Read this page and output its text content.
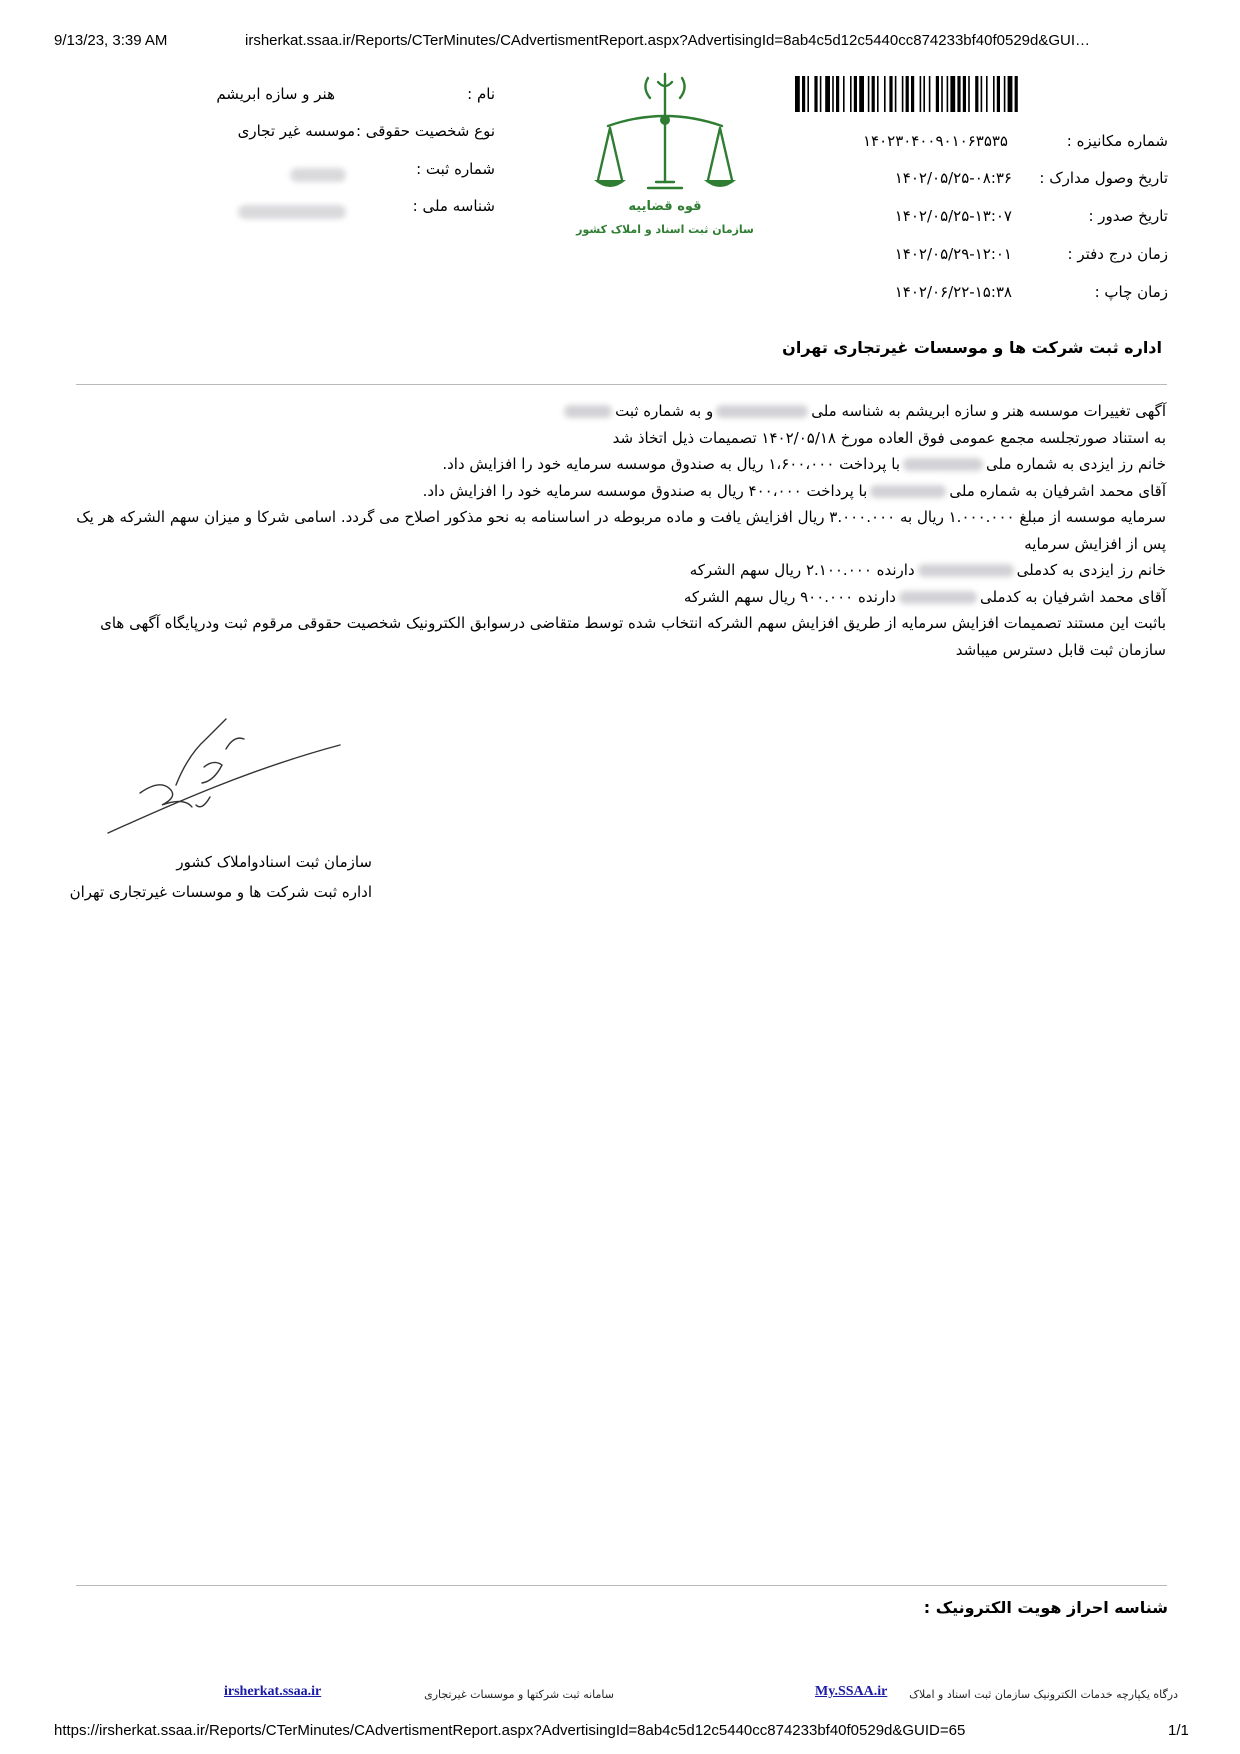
9/13/23, 3:39 AM	irsherkat.ssaa.ir/Reports/CTerMinutes/CAdvertismentReport.aspx?AdvertisingId=8ab4c5d12c5440cc874233bf40f0529d&GUI…
نام :
هنر و سازه ابریشم
نوع شخصیت حقوقی :
موسسه غیر تجاری
شماره ثبت :
شناسه ملی :	قوه قضاییه
سازمان ثبت اسناد و املاک کشور
شماره مکانیزه :
۱۴۰۲۳۰۴۰۰۹۰۱۰۶۳۵۳۵
تاریخ وصول مدارک :
۱۴۰۲/۰۵/۲۵-۰۸:۳۶
تاریخ صدور :
۱۴۰۲/۰۵/۲۵-۱۳:۰۷
زمان درج دفتر :
۱۴۰۲/۰۵/۲۹-۱۲:۰۱
زمان چاپ :
۱۴۰۲/۰۶/۲۲-۱۵:۳۸
اداره ثبت شرکت ها و موسسات غیرتجاری تهران

آگهی تغییرات موسسه هنر و سازه ابریشم به شناسه ملیو به شماره ثبت

به استناد صورتجلسه مجمع عمومی فوق العاده مورخ ۱۴۰۲/۰۵/۱۸ تصمیمات ذیل اتخاذ شد

خانم رز ایزدی به شماره ملیبا پرداخت ۱،۶۰۰،۰۰۰ ریال به صندوق موسسه سرمایه خود را افزایش داد.

آقای محمد اشرفیان به شماره ملیبا پرداخت ۴۰۰،۰۰۰ ریال به صندوق موسسه سرمایه خود را افزایش داد.

سرمایه موسسه از مبلغ ۱.۰۰۰.۰۰۰ ریال به ۳.۰۰۰.۰۰۰ ریال افزایش یافت و ماده مربوطه در اساسنامه به نحو مذکور اصلاح می گردد. اسامی شرکا و میزان سهم الشرکه هر یک پس از افزایش سرمایه

خانم رز ایزدی به کدملیدارنده ۲.۱۰۰.۰۰۰ ریال سهم الشرکه

آقای محمد اشرفیان به کدملیدارنده ۹۰۰.۰۰۰ ریال سهم الشرکه

باثبت این مستند تصمیمات افزایش سرمایه از طریق افزایش سهم الشرکه انتخاب شده توسط متقاضی درسوابق الکترونیک شخصیت حقوقی مرقوم ثبت ودرپایگاه آگهی های سازمان ثبت قابل دسترس میباشد

سازمان ثبت اسنادواملاک کشور
اداره ثبت شرکت ها و موسسات غیرتجاری تهران
شناسه احراز هویت الکترونیک :
درگاه یکپارچه خدمات الکترونیک سازمان ثبت اسناد و املاک
My.SSAA.ir
سامانه ثبت شرکتها و موسسات غیرتجاری
irsherkat.ssaa.ir
https://irsherkat.ssaa.ir/Reports/CTerMinutes/CAdvertismentReport.aspx?AdvertisingId=8ab4c5d12c5440cc874233bf40f0529d&GUID=65	1/1
